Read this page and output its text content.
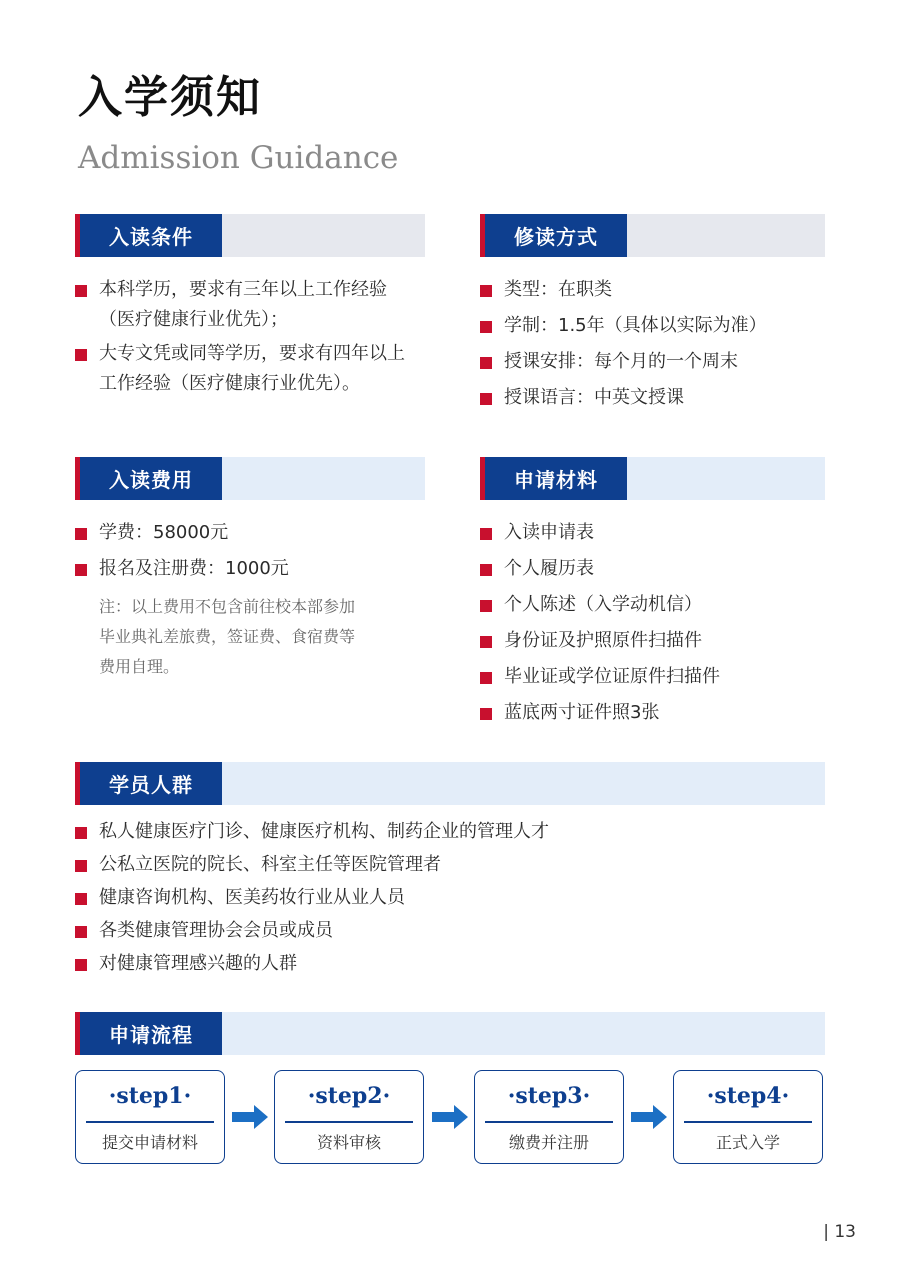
入学须知
Admission Guidance
入读条件
本科学历，要求有三年以上工作经验
（医疗健康行业优先）；
大专文凭或同等学历，要求有四年以上
工作经验（医疗健康行业优先）。
修读方式
类型：在职类
学制：1.5年（具体以实际为准）
授课安排：每个月的一个周末
授课语言：中英文授课
入读费用
学费：58000元
报名及注册费：1000元
注：以上费用不包含前往校本部参加
毕业典礼差旅费，签证费、食宿费等
费用自理。
申请材料
入读申请表
个人履历表
个人陈述（入学动机信）
身份证及护照原件扫描件
毕业证或学位证原件扫描件
蓝底两寸证件照3张
学员人群
私人健康医疗门诊、健康医疗机构、制药企业的管理人才
公私立医院的院长、科室主任等医院管理者
健康咨询机构、医美药妆行业从业人员
各类健康管理协会会员或成员
对健康管理感兴趣的人群
申请流程
·step1·
提交申请材料
·step2·
资料审核
·step3·
缴费并注册
·step4·
正式入学
| 13
